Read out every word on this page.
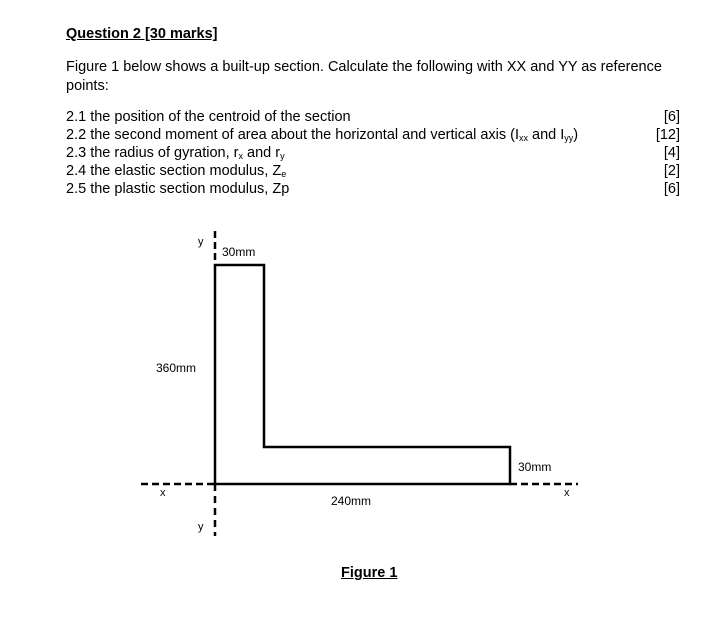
Question 2 [30 marks]
Figure 1 below shows a built-up section. Calculate the following with XX and YY as reference points:
2.1 the position of the centroid of the section	[6]
2.2 the second moment of area about the horizontal and vertical axis ($I_{xx}$ and $I_{yy}$)	[12]
2.3 the radius of gyration, $r_x$ and $r_y$	[4]
2.4 the elastic section modulus, $Z_e$	[2]
2.5 the plastic section modulus, Zp	[6]
y
y
x	x
30mm
360mm
30mm
240mm
Figure 1
